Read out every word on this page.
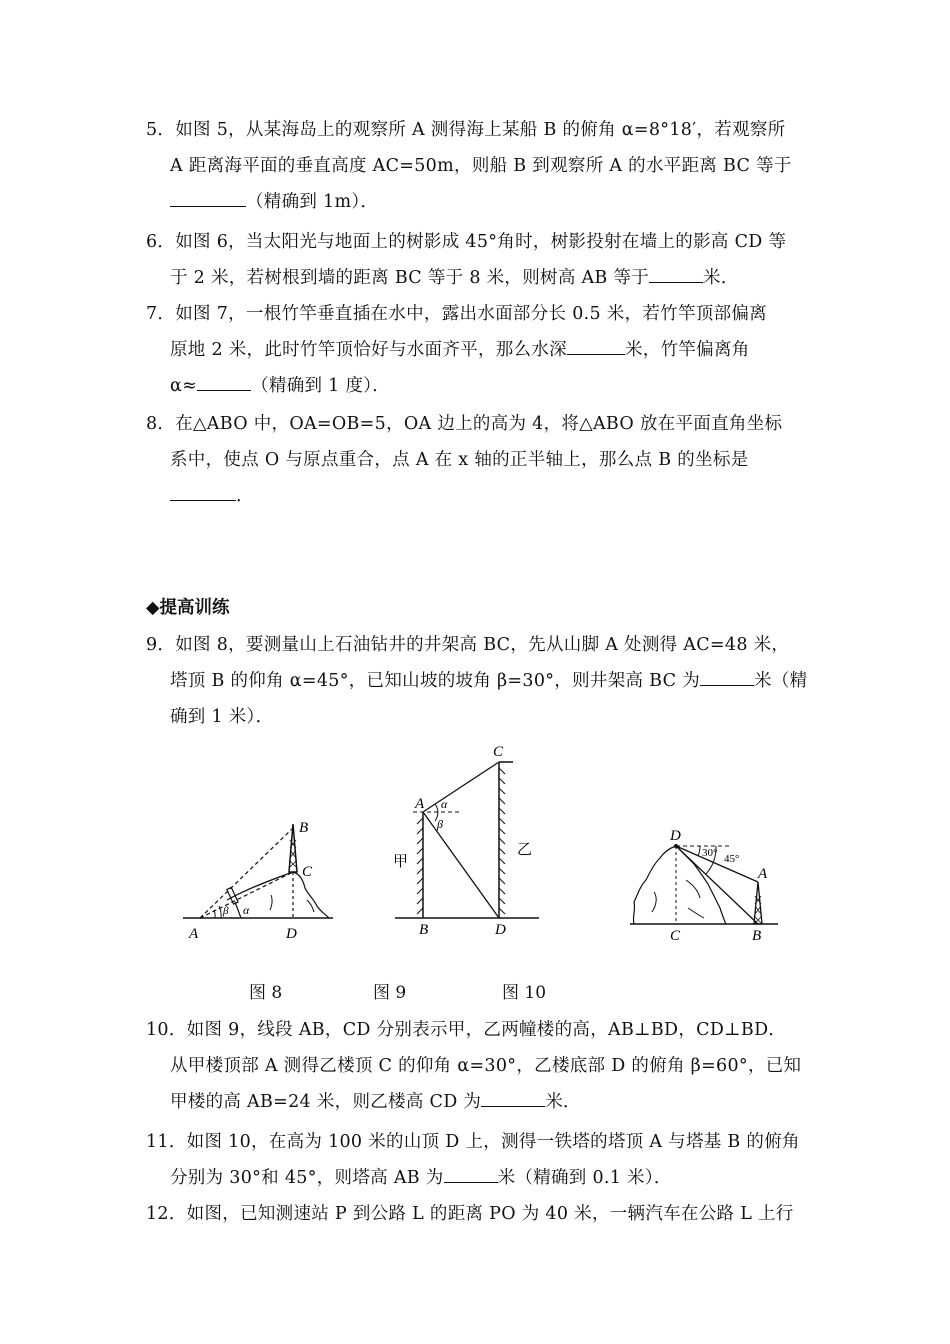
5．如图 5，从某海岛上的观察所 A 测得海上某船 B 的俯角 α=8°18′，若观察所
A 距离海平面的垂直高度 AC=50m，则船 B 到观察所 A 的水平距离 BC 等于
（精确到 1m）．
6．如图 6，当太阳光与地面上的树影成 45°角时，树影投射在墙上的影高 CD 等
于 2 米，若树根到墙的距离 BC 等于 8 米，则树高 AB 等于	米．
7．如图 7，一根竹竿垂直插在水中，露出水面部分长 0.5 米，若竹竿顶部偏离
原地 2 米，此时竹竿顶恰好与水面齐平，那么水深	米，竹竿偏离角
α≈	（精确到 1 度）．
8．在△ABO 中，OA=OB=5，OA 边上的高为 4，将△ABO 放在平面直角坐标
系中，使点 O 与原点重合，点 A 在 x 轴的正半轴上，那么点 B 的坐标是
．
◆提高训练
9．如图 8，要测量山上石油钻井的井架高 BC，先从山脚 A 处测得 AC=48 米，
塔顶 B 的仰角 α=45°，已知山坡的坡角 β=30°，则井架高 BC 为	米（精
确到 1 米）．
A
B
C
D
β α
C
A α
β
B	D
甲
乙
D
30° 45°
A
B
C
图 8	图 9	图 10
10．如图 9，线段 AB，CD 分别表示甲，乙两幢楼的高，AB⊥BD，CD⊥BD．
从甲楼顶部 A 测得乙楼顶 C 的仰角 α=30°，乙楼底部 D 的俯角 β=60°，已知
甲楼的高 AB=24 米，则乙楼高 CD 为	米．
11．如图 10，在高为 100 米的山顶 D 上，测得一铁塔的塔顶 A 与塔基 B 的俯角
分别为 30°和 45°，则塔高 AB 为	米（精确到 0.1 米）．
12．如图，已知测速站 P 到公路 L 的距离 PO 为 40 米，一辆汽车在公路 L 上行
